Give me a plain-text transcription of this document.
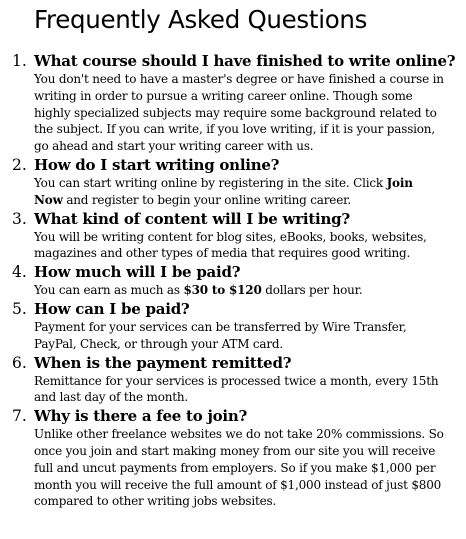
Frequently Asked Questions
1. What course should I have finished to write online?
You don't need to have a master's degree or have finished a course in writing in order to pursue a writing career online. Though some highly specialized subjects may require some background related to the subject. If you can write, if you love writing, if it is your passion, go ahead and start your writing career with us.
2. How do I start writing online?
You can start writing online by registering in the site. Click Join Now and register to begin your online writing career.
3. What kind of content will I be writing?
You will be writing content for blog sites, eBooks, books, websites, magazines and other types of media that requires good writing.
4. How much will I be paid?
You can earn as much as $30 to $120 dollars per hour.
5. How can I be paid?
Payment for your services can be transferred by Wire Transfer, PayPal, Check, or through your ATM card.
6. When is the payment remitted?
Remittance for your services is processed twice a month, every 15th and last day of the month.
7. Why is there a fee to join?
Unlike other freelance websites we do not take 20% commissions. So once you join and start making money from our site you will receive full and uncut payments from employers. So if you make $1,000 per month you will receive the full amount of $1,000 instead of just $800 compared to other writing jobs websites.
